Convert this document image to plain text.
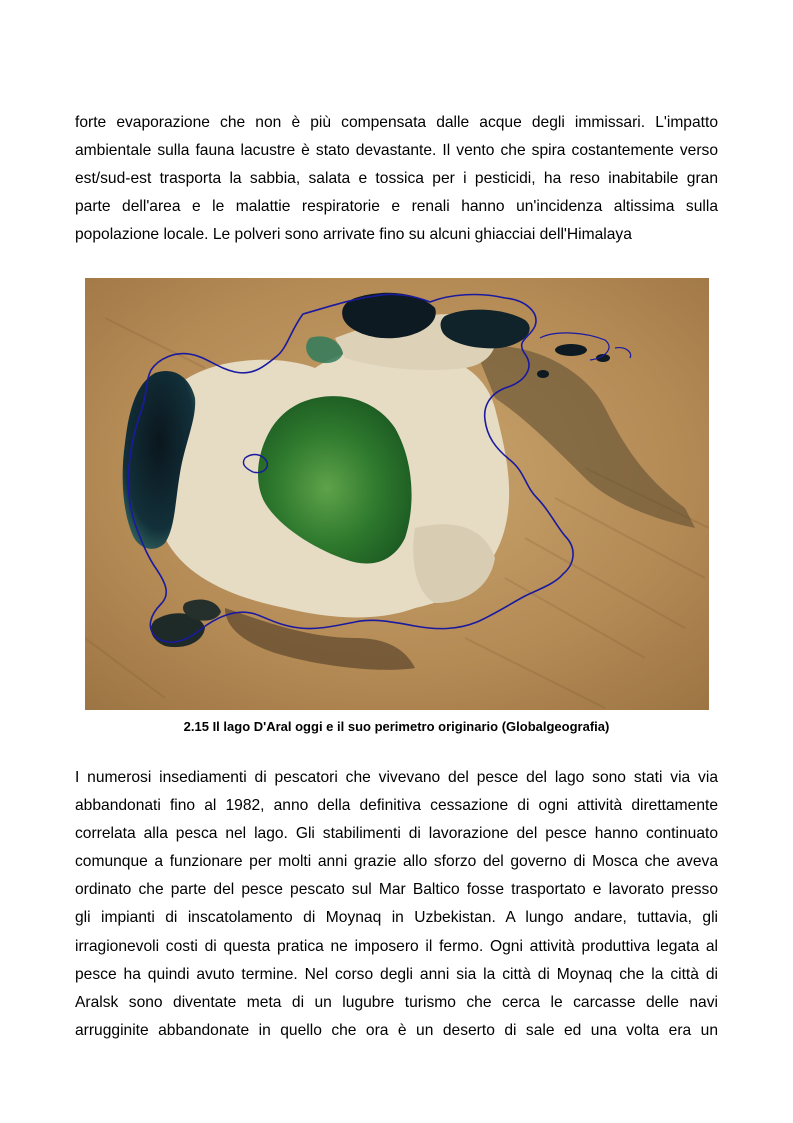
forte evaporazione che non è più compensata dalle acque degli immissari. L'impatto
ambientale sulla fauna lacustre è stato devastante. Il vento che spira costantemente verso
est/sud-est trasporta la sabbia, salata e tossica per i pesticidi, ha reso inabitabile gran
parte dell'area e le malattie respiratorie e renali hanno un'incidenza altissima sulla
popolazione locale. Le polveri sono arrivate fino su alcuni ghiacciai dell'Himalaya
2.15 Il lago D'Aral oggi e il suo perimetro originario (Globalgeografia)
I numerosi insediamenti di pescatori che vivevano del pesce del lago sono stati via via
abbandonati fino al 1982, anno della definitiva cessazione di ogni attività direttamente
correlata alla pesca nel lago. Gli stabilimenti di lavorazione del pesce hanno continuato
comunque a funzionare per molti anni grazie allo sforzo del governo di Mosca che aveva
ordinato che parte del pesce pescato sul Mar Baltico fosse trasportato e lavorato presso
gli impianti di inscatolamento di Moynaq in Uzbekistan. A lungo andare, tuttavia, gli
irragionevoli costi di questa pratica ne imposero il fermo. Ogni attività produttiva legata al
pesce ha quindi avuto termine. Nel corso degli anni sia la città di Moynaq che la città di
Aralsk sono diventate meta di un lugubre turismo che cerca le carcasse delle navi
arrugginite abbandonate in quello che ora è un deserto di sale ed una volta era un
